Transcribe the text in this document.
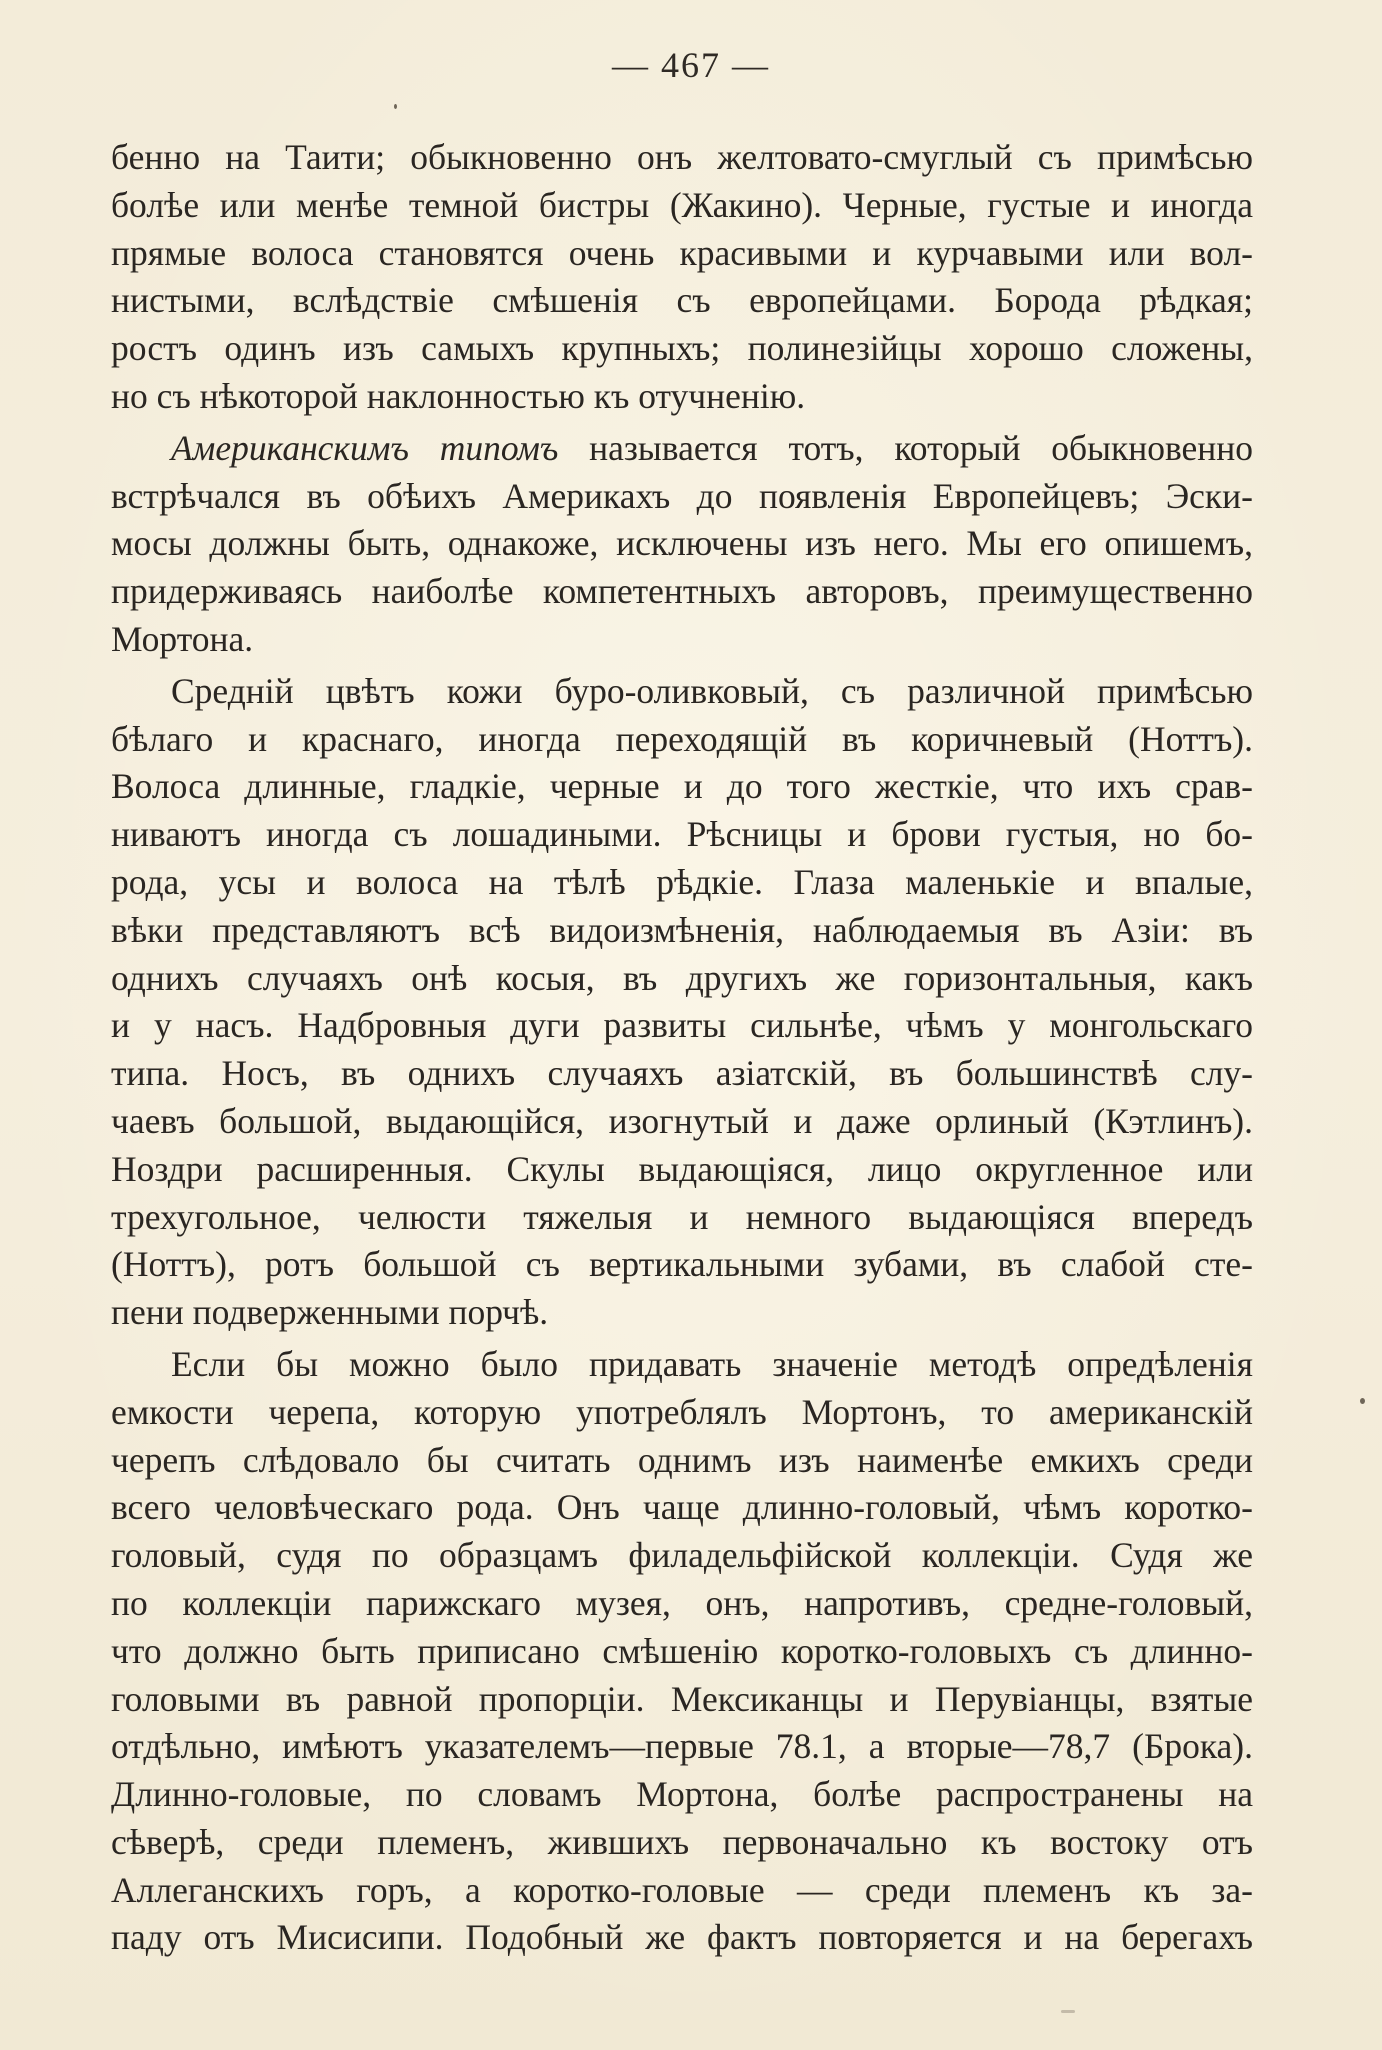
— 467 —
бенно на Таити; обыкновенно онъ желтовато-смуглый съ примѣсью
болѣе или менѣе темной бистры (Жакино). Черные, густые и иногда
прямые волоса становятся очень красивыми и курчавыми или вол-
нистыми, вслѣдствіе смѣшенія съ европейцами. Борода рѣдкая;
ростъ одинъ изъ самыхъ крупныхъ; полинезійцы хорошо сложены,
но съ нѣкоторой наклонностью къ отучненію.
Американскимъ типомъ называется тотъ, который обыкновенно
встрѣчался въ обѣихъ Америкахъ до появленія Европейцевъ; Эски-
мосы должны быть, однакоже, исключены изъ него. Мы его опишемъ,
придерживаясь наиболѣе компетентныхъ авторовъ, преимущественно
Мортона.
Средній цвѣтъ кожи буро-оливковый, съ различной примѣсью
бѣлаго и краснаго, иногда переходящій въ коричневый (Ноттъ).
Волоса длинные, гладкіе, черные и до того жесткіе, что ихъ срав-
ниваютъ иногда съ лошадиными. Рѣсницы и брови густыя, но бо-
рода, усы и волоса на тѣлѣ рѣдкіе. Глаза маленькіе и впалые,
вѣки представляютъ всѣ видоизмѣненія, наблюдаемыя въ Азіи: въ
однихъ случаяхъ онѣ косыя, въ другихъ же горизонтальныя, какъ
и у насъ. Надбровныя дуги развиты сильнѣе, чѣмъ у монгольскаго
типа. Носъ, въ однихъ случаяхъ азіатскій, въ большинствѣ слу-
чаевъ большой, выдающійся, изогнутый и даже орлиный (Кэтлинъ).
Ноздри расширенныя. Скулы выдающіяся, лицо округленное или
трехугольное, челюсти тяжелыя и немного выдающіяся впередъ
(Ноттъ), ротъ большой съ вертикальными зубами, въ слабой сте-
пени подверженными порчѣ.
Если бы можно было придавать значеніе методѣ опредѣленія
емкости черепа, которую употреблялъ Мортонъ, то американскій
черепъ слѣдовало бы считать однимъ изъ наименѣе емкихъ среди
всего человѣческаго рода. Онъ чаще длинно-головый, чѣмъ коротко-
головый, судя по образцамъ филадельфійской коллекціи. Судя же
по коллекціи парижскаго музея, онъ, напротивъ, средне-головый,
что должно быть приписано смѣшенію коротко-головыхъ съ длинно-
головыми въ равной пропорціи. Мексиканцы и Перувіанцы, взятые
отдѣльно, имѣютъ указателемъ—первые 78.1, а вторые—78,7 (Брока).
Длинно-головые, по словамъ Мортона, болѣе распространены на
сѣверѣ, среди племенъ, жившихъ первоначально къ востоку отъ
Аллеганскихъ горъ, а коротко-головые — среди племенъ къ за-
паду отъ Мисисипи. Подобный же фактъ повторяется и на берегахъ
